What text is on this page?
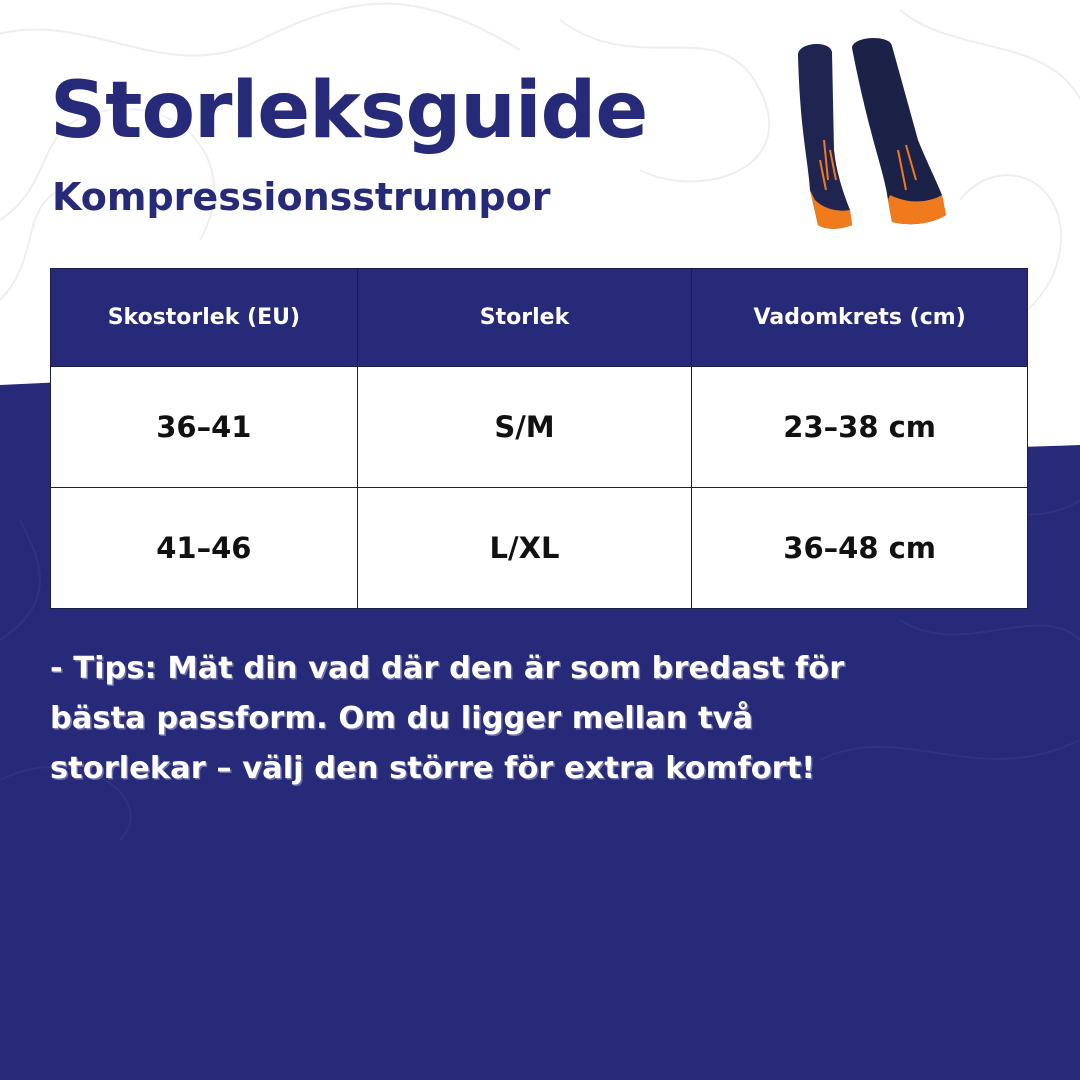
Storleksguide
Kompressionsstrumpor
Skostorlek (EU)	Storlek	Vadomkrets (cm)
36–41	S/M	23–38 cm
41–46	L/XL	36–48 cm
- Tips: Mät din vad där den är som bredast för
bästa passform. Om du ligger mellan två
storlekar – välj den större för extra komfort!
